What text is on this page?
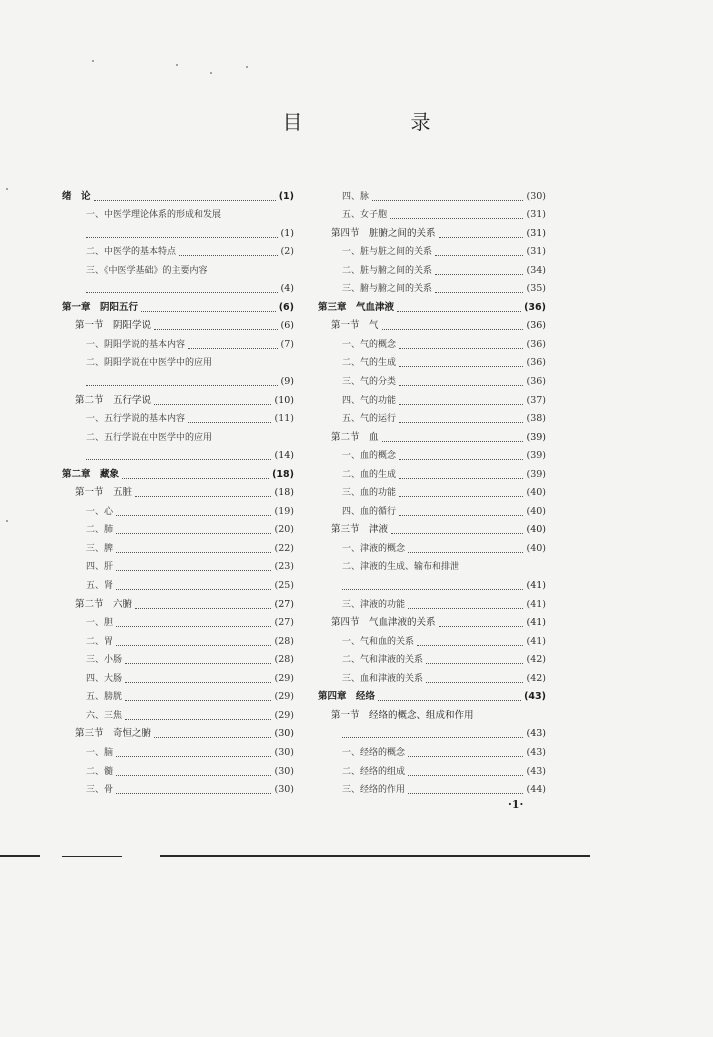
目　录
绪　论	(1)
一、中医学理论体系的形成和发展
(1)
二、中医学的基本特点	(2)
三、《中医学基础》的主要内容
(4)
第一章　阴阳五行	(6)
第一节　阴阳学说	(6)
一、阴阳学说的基本内容	(7)
二、阴阳学说在中医学中的应用
(9)
第二节　五行学说	(10)
一、五行学说的基本内容	(11)
二、五行学说在中医学中的应用
(14)
第二章　藏象	(18)
第一节　五脏	(18)
一、心	(19)
二、肺	(20)
三、脾	(22)
四、肝	(23)
五、肾	(25)
第二节　六腑	(27)
一、胆	(27)
二、胃	(28)
三、小肠	(28)
四、大肠	(29)
五、膀胱	(29)
六、三焦	(29)
第三节　奇恒之腑	(30)
一、脑	(30)
二、髓	(30)
三、骨	(30)
四、脉	(30)
五、女子胞	(31)
第四节　脏腑之间的关系	(31)
一、脏与脏之间的关系	(31)
二、脏与腑之间的关系	(34)
三、腑与腑之间的关系	(35)
第三章　气血津液	(36)
第一节　气	(36)
一、气的概念	(36)
二、气的生成	(36)
三、气的分类	(36)
四、气的功能	(37)
五、气的运行	(38)
第二节　血	(39)
一、血的概念	(39)
二、血的生成	(39)
三、血的功能	(40)
四、血的循行	(40)
第三节　津液	(40)
一、津液的概念	(40)
二、津液的生成、输布和排泄
(41)
三、津液的功能	(41)
第四节　气血津液的关系	(41)
一、气和血的关系	(41)
二、气和津液的关系	(42)
三、血和津液的关系	(42)
第四章　经络	(43)
第一节　经络的概念、组成和作用
(43)
一、经络的概念	(43)
二、经络的组成	(43)
三、经络的作用	(44)
·1·
